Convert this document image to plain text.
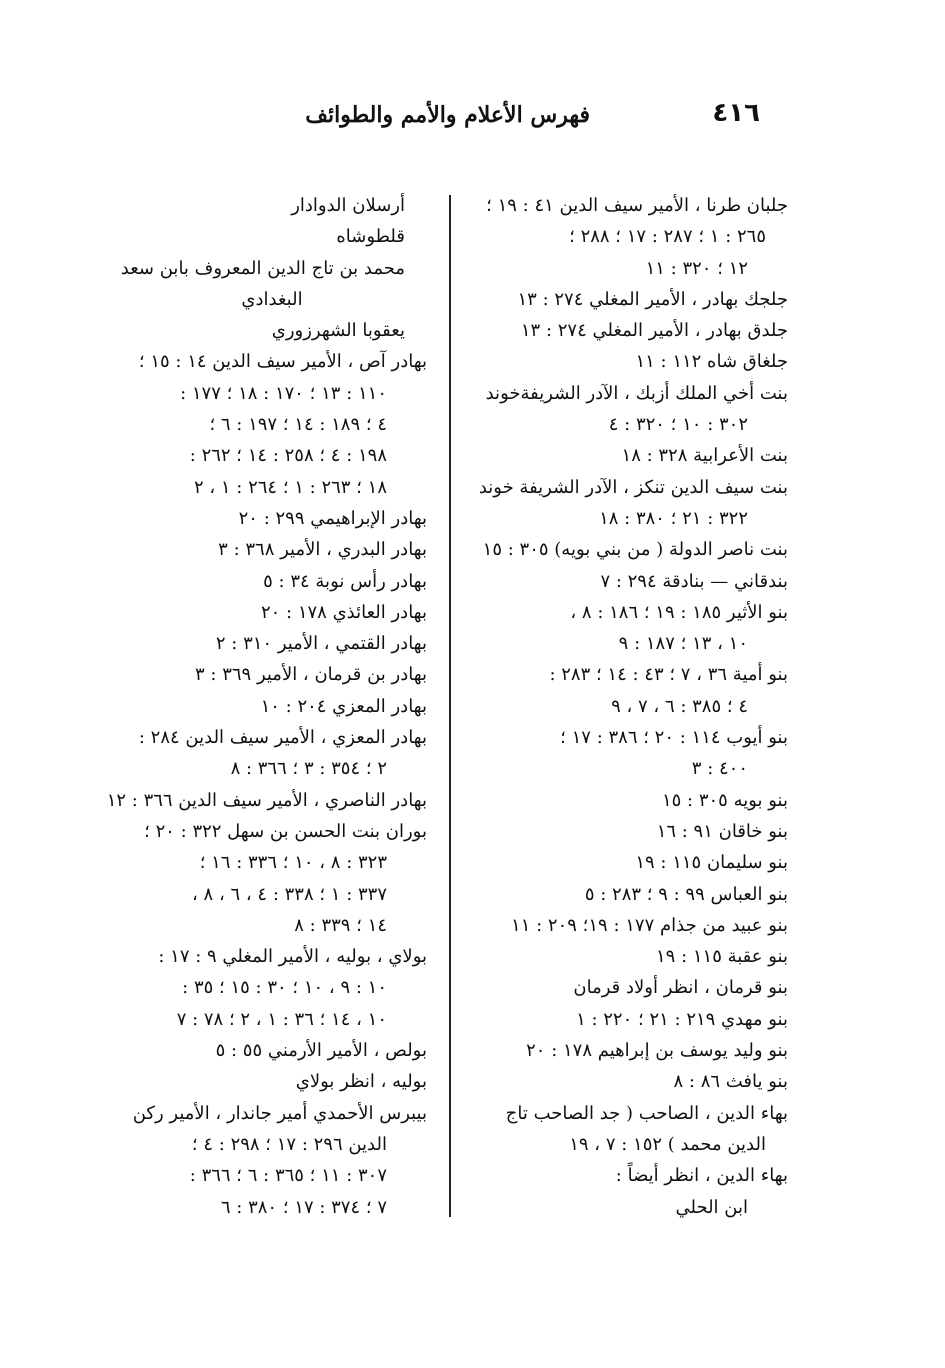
٤١٦
فهرس الأعلام والأمم والطوائف
جلبان طرنا ، الأمير سيف الدين ٤١ : ١٩ ؛
٢٦٥ : ١ ؛ ٢٨٧ : ١٧ ؛ ٢٨٨ ؛
١٢ ؛ ٣٢٠ : ١١
جلجك بهادر ، الأمير المغلي ٢٧٤ : ١٣
جلدق بهادر ، الأمير المغلي ٢٧٤ : ١٣
جلغاق شاه ١١٢ : ١١
بنت أخي الملك أزبك ، الآدر الشريفةخوند
٣٠٢ : ١٠ ؛ ٣٢٠ : ٤
بنت الأعرابية ٣٢٨ : ١٨
بنت سيف الدين تنكز ، الآدر الشريفة خوند
٣٢٢ : ٢١ ؛ ٣٨٠ : ١٨
بنت ناصر الدولة ( من بني بويه) ٣٠٥ : ١٥
بندقاني — بنادقة ٢٩٤ : ٧
بنو الأثير ١٨٥ : ١٩ ؛ ١٨٦ : ٨ ،
١٠ ، ١٣ ؛ ١٨٧ : ٩
بنو أمية ٣٦ ، ٧ ؛ ٤٣ : ١٤ ؛ ٢٨٣ :
٤ ؛ ٣٨٥ : ٦ ، ٧ ، ٩
بنو أيوب ١١٤ : ٢٠ ؛ ٣٨٦ : ١٧ ؛
٤٠٠ : ٣
بنو بويه ٣٠٥ : ١٥
بنو خاقان ٩١ : ١٦
بنو سليمان ١١٥ : ١٩
بنو العباس ٩٩ : ٩ ؛ ٢٨٣ : ٥
بنو عبيد من جذام ١٧٧ : ١٩؛ ٢٠٩ : ١١
بنو عقبة ١١٥ : ١٩
بنو قرمان ، انظر أولاد قرمان
بنو مهدي ٢١٩ : ٢١ ؛ ٢٢٠ : ١
بنو وليد يوسف بن إبراهيم ١٧٨ : ٢٠
بنو يافث ٨٦ : ٨
بهاء الدين ، الصاحب ( جد الصاحب تاج
الدين محمد ) ١٥٢ : ٧ ، ١٩
بهاء الدين ، انظر أيضاً :
ابن الحلي
أرسلان الدوادار
قلطوشاه
محمد بن تاج الدين المعروف بابن سعد
البغدادي
يعقوبا الشهرزوري
بهادر آص ، الأمير سيف الدين ١٤ : ١٥ ؛
١١٠ : ١٣ ؛ ١٧٠ : ١٨ ؛ ١٧٧ :
٤ ؛ ١٨٩ : ١٤ ؛ ١٩٧ : ٦ ؛
١٩٨ : ٤ ؛ ٢٥٨ : ١٤ ؛ ٢٦٢ :
١٨ ؛ ٢٦٣ : ١ ؛ ٢٦٤ : ١ ، ٢
بهادر الإبراهيمي ٢٩٩ : ٢٠
بهادر البدري ، الأمير ٣٦٨ : ٣
بهادر رأس نوبة ٣٤ : ٥
بهادر العائذي ١٧٨ : ٢٠
بهادر القتمي ، الأمير ٣١٠ : ٢
بهادر بن قرمان ، الأمير ٣٦٩ : ٣
بهادر المعزي ٢٠٤ : ١٠
بهادر المعزي ، الأمير سيف الدين ٢٨٤ :
٢ ؛ ٣٥٤ : ٣ ؛ ٣٦٦ : ٨
بهادر الناصري ، الأمير سيف الدين ٣٦٦ : ١٢
بوران بنت الحسن بن سهل ٣٢٢ : ٢٠ ؛
٣٢٣ : ٨ ، ١٠ ؛ ٣٣٦ : ١٦ ؛
٣٣٧ : ١ ؛ ٣٣٨ : ٤ ، ٦ ، ٨ ،
١٤ ؛ ٣٣٩ : ٨
بولاي ، بوليه ، الأمير المغلي ٩ : ١٧ :
١٠ : ٩ ، ١٠ ؛ ٣٠ : ١٥ ؛ ٣٥ :
١٠ ، ١٤ ؛ ٣٦ : ١ ، ٢ ؛ ٧٨ : ٧
بولص ، الأمير الأرمني ٥٥ : ٥
بوليه ، انظر بولاي
بيبرس الأحمدي أمير جاندار ، الأمير ركن
الدين ٢٩٦ : ١٧ ؛ ٢٩٨ : ٤ ؛
٣٠٧ : ١١ ؛ ٣٦٥ : ٦ ؛ ٣٦٦ :
٧ ؛ ٣٧٤ : ١٧ ؛ ٣٨٠ : ٦
